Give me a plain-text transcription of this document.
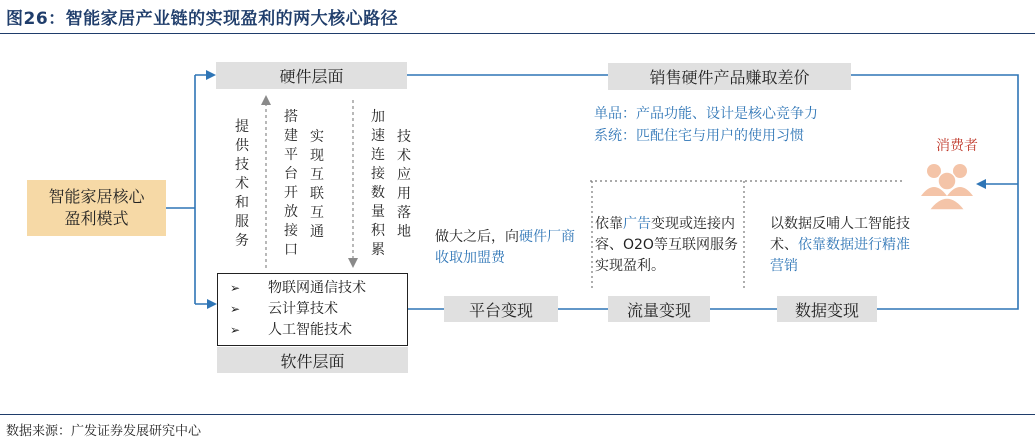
图26：智能家居产业链的实现盈利的两大核心路径
智能家居核心
盈利模式
硬件层面	销售硬件产品赚取差价
提供技术和服务
搭建平台开放接口
实现互联互通
加速连接数量积累
技术应用落地
➢ 物联网通信技术
➢ 云计算技术
➢ 人工智能技术
软件层面
单品：产品功能、设计是核心竞争力
系统：匹配住宅与用户的使用习惯
消费者
做大之后，向硬件厂商收取加盟费
依靠广告变现或连接内容、O2O等互联网服务实现盈利。
以数据反哺人工智能技术、依靠数据进行精准营销
平台变现	流量变现	数据变现
数据来源：广发证券发展研究中心
